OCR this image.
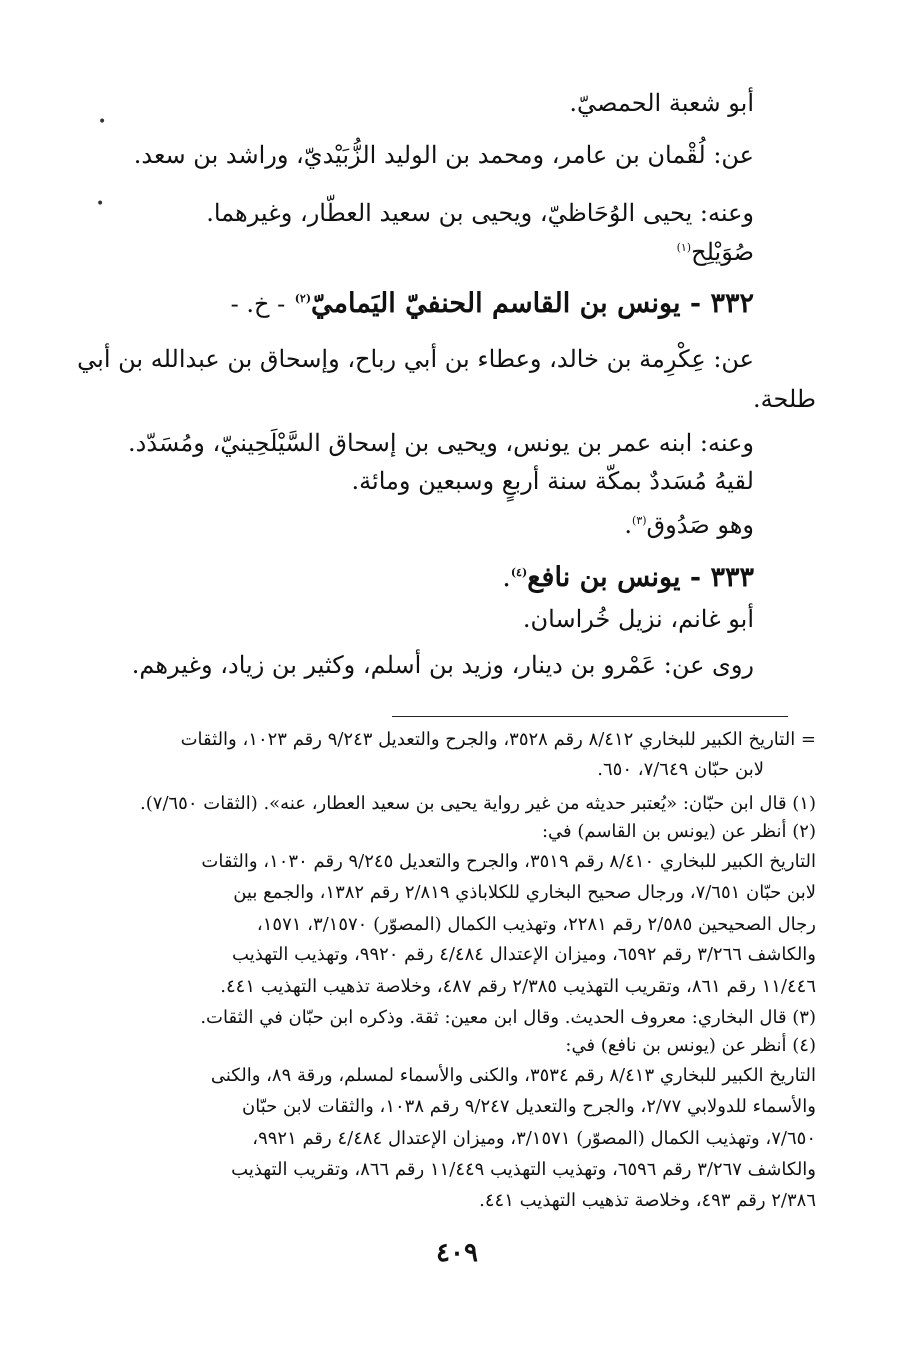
•
•
أبو شعبة الحمصيّ.
عن: لُقْمان بن عامر، ومحمد بن الوليد الزُّبَيْديّ، وراشد بن سعد.
وعنه: يحيى الوُحَاظيّ، ويحيى بن سعيد العطّار، وغيرهما.
صُوَيْلِح$^{(١)}$
٣٣٢ - يونس بن القاسم الحنفيّ اليَماميّ$^{(٢)}$ - خ. -
عن: عِكْرِمة بن خالد، وعطاء بن أبي رباح، وإسحاق بن عبدالله بن أبي
طلحة.
وعنه: ابنه عمر بن يونس، ويحيى بن إسحاق السَّيْلَحِينيّ، ومُسَدّد.
لقيهُ مُسَددٌ بمكّة سنة أربعٍ وسبعين ومائة.
وهو صَدُوق$^{(٣)}$.
٣٣٣ - يونس بن نافع$^{(٤)}$.
أبو غانم، نزيل خُراسان.
روى عن: عَمْرو بن دينار، وزيد بن أسلم، وكثير بن زياد، وغيرهم.
= التاريخ الكبير للبخاري ٨/٤١٢ رقم ٣٥٢٨، والجرح والتعديل ٩/٢٤٣ رقم ١٠٢٣، والثقات
لابن حبّان ٧/٦٤٩، ٦٥٠.
(١) قال ابن حبّان: «يُعتبر حديثه من غير رواية يحيى بن سعيد العطار، عنه». (الثقات ٧/٦٥٠).
(٢) أنظر عن (يونس بن القاسم) في:
التاريخ الكبير للبخاري ٨/٤١٠ رقم ٣٥١٩، والجرح والتعديل ٩/٢٤٥ رقم ١٠٣٠، والثقات
لابن حبّان ٧/٦٥١، ورجال صحيح البخاري للكلاباذي ٢/٨١٩ رقم ١٣٨٢، والجمع بين
رجال الصحيحين ٢/٥٨٥ رقم ٢٢٨١، وتهذيب الكمال (المصوّر) ٣/١٥٧٠، ١٥٧١،
والكاشف ٣/٢٦٦ رقم ٦٥٩٢، وميزان الإعتدال ٤/٤٨٤ رقم ٩٩٢٠، وتهذيب التهذيب
١١/٤٤٦ رقم ٨٦١، وتقريب التهذيب ٢/٣٨٥ رقم ٤٨٧، وخلاصة تذهيب التهذيب ٤٤١.
(٣) قال البخاري: معروف الحديث. وقال ابن معين: ثقة. وذكره ابن حبّان في الثقات.
(٤) أنظر عن (يونس بن نافع) في:
التاريخ الكبير للبخاري ٨/٤١٣ رقم ٣٥٣٤، والكنى والأسماء لمسلم، ورقة ٨٩، والكنى
والأسماء للدولابي ٢/٧٧، والجرح والتعديل ٩/٢٤٧ رقم ١٠٣٨، والثقات لابن حبّان
٧/٦٥٠، وتهذيب الكمال (المصوّر) ٣/١٥٧١، وميزان الإعتدال ٤/٤٨٤ رقم ٩٩٢١،
والكاشف ٣/٢٦٧ رقم ٦٥٩٦، وتهذيب التهذيب ١١/٤٤٩ رقم ٨٦٦، وتقريب التهذيب
٢/٣٨٦ رقم ٤٩٣، وخلاصة تذهيب التهذيب ٤٤١.
٤٠٩
